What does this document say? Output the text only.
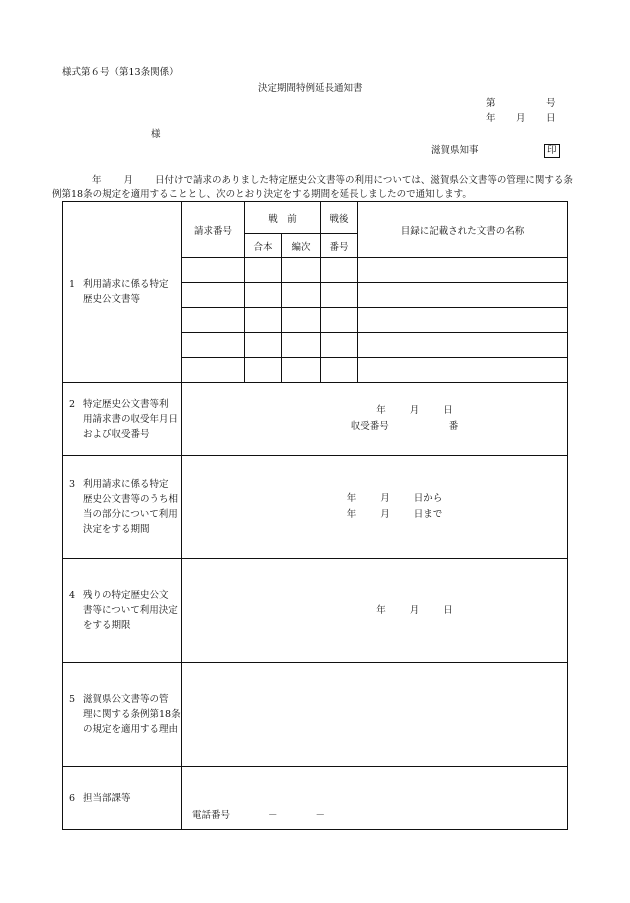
様式第６号（第13条関係）
決定期間特例延長通知書
第	号
年 月 日
様
滋賀県知事	印
年 月 日付けで請求のありました特定歴史公文書等の利用については、滋賀県公文書等の管理に関する条例第18条の規定を適用することとし、次のとおり決定をする期間を延長しましたので通知します。
1 利用請求に係る特定
歴史公文書等	請求番号	戦　前		戦後	目録に記載された文書の名称
		合本	編次	番号	

2 特定歴史公文書等利
用請求書の収受年月日
および収受番号	年 月 日
収受番号 番				

3 利用請求に係る特定
歴史公文書等のうち相
当の部分について利用
決定をする期間	年 月 日から
年 月 日まで				

4 残りの特定歴史公文
書等について利用決定
をする期限	年 月 日				

5 滋賀県公文書等の管
理に関する条例第18条
の規定を適用する理由					

6 担当部課等	電話番号 － －				
